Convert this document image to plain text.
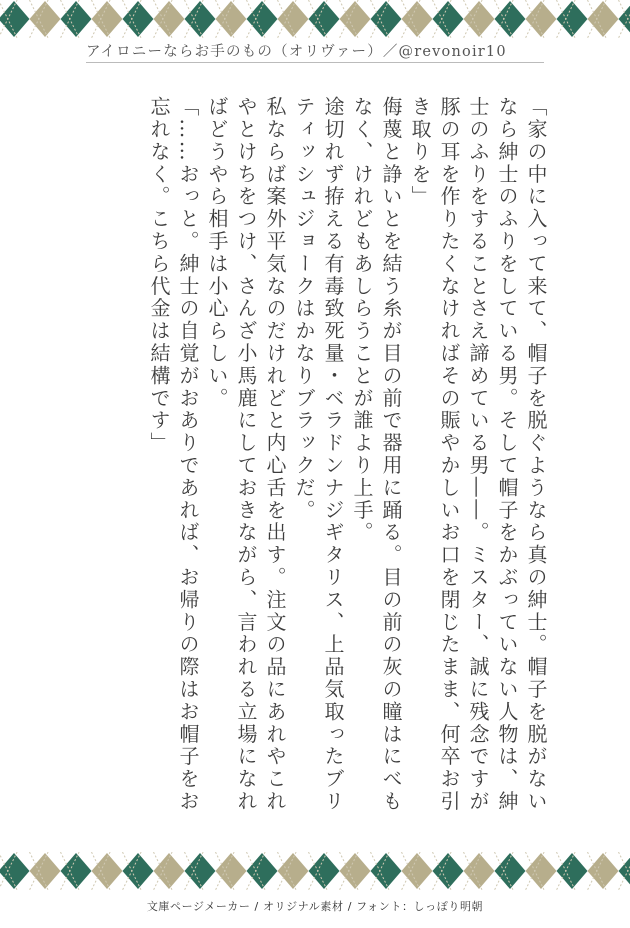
アイロニーならお手のもの（オリヴァー）／@revonoir10

「家の中に入って来て、帽子を脱ぐようなら真の紳士。帽子を脱がないなら紳士のふりをしている男。そして帽子をかぶっていない人物は、紳士のふりをすることさえ諦めている男――。ミスター、誠に残念ですが豚の耳を作りたくなければその賑やかしいお口を閉じたまま、何卒お引き取りを」

侮蔑と諍いとを結う糸が目の前で器用に踊る。目の前の灰の瞳はにべもなく、けれどもあしらうことが誰より上手。

途切れず拵える有毒致死量・ベラドンナジギタリス、上品気取ったブリティッシュジョークはかなりブラックだ。

私ならば案外平気なのだけれどと内心舌を出す。注文の品にあれやこれやとけちをつけ、さんざ小馬鹿にしておきながら、言われる立場になればどうやら相手は小心らしい。

「……おっと。紳士の自覚がおありであれば、お帰りの際はお帽子をお忘れなく。こちら代金は結構です」

文庫ページメーカー / オリジナル素材 / フォント：しっぽり明朝
